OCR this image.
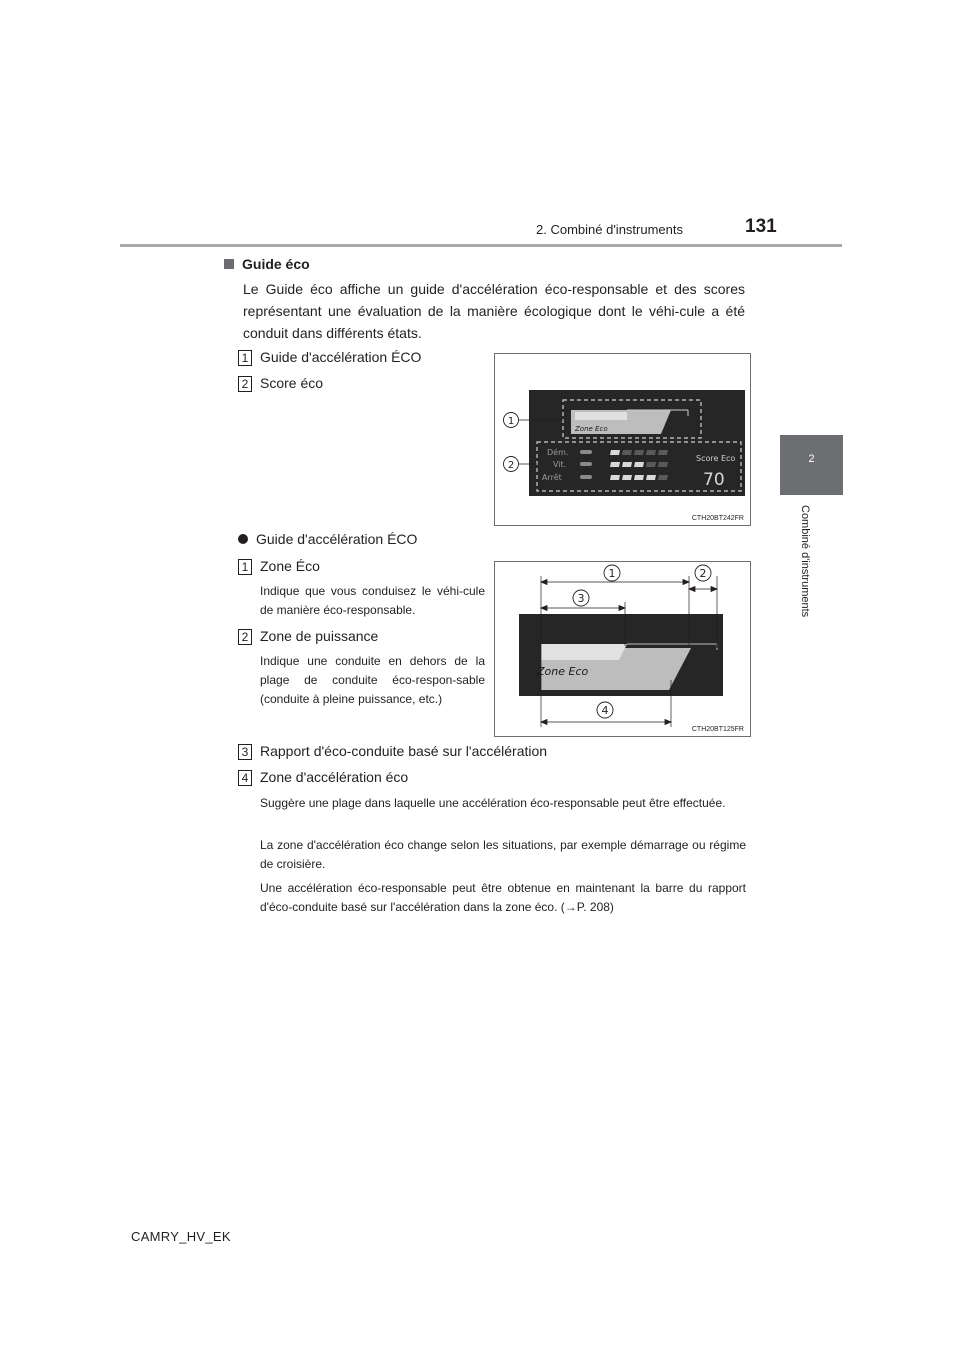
2. Combiné d'instruments	131
2
Combiné d'instruments
Guide éco
Le Guide éco affiche un guide d'accélération éco-responsable et des scores représentant une évaluation de la manière écologique dont le véhi-cule a été conduit dans différents états.
1 Guide d'accélération ÉCO
2 Score éco
Zone Eco
Dém.
Vit.
Arrêt
Score Eco
70
1
2
CTH20BT242FR
Guide d'accélération ÉCO
1 Zone Éco
Indique que vous conduisez le véhi-cule de manière éco-responsable.
2 Zone de puissance
Indique une conduite en dehors de la plage de conduite éco-respon-sable (conduite à pleine puissance, etc.)
Zone Eco
1	2
3
4
CTH20BT125FR
3 Rapport d'éco-conduite basé sur l'accélération
4 Zone d'accélération éco
Suggère une plage dans laquelle une accélération éco-responsable peut être effectuée.
La zone d'accélération éco change selon les situations, par exemple démarrage ou régime de croisière.
Une accélération éco-responsable peut être obtenue en maintenant la barre du rapport d'éco-conduite basé sur l'accélération dans la zone éco. (→P. 208)
CAMRY_HV_EK
